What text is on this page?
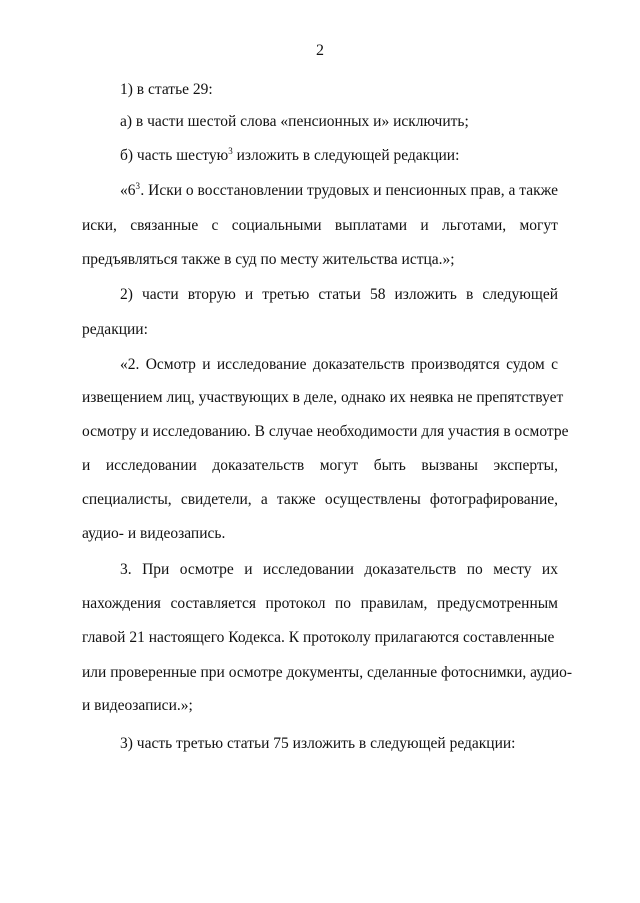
2
1) в статье 29:
а) в части шестой слова «пенсионных и» исключить;
б) часть шестую$^3$ изложить в следующей редакции:
«$6^3$ . Иски о восстановлении трудовых и пенсионных прав, а также
иски, связанные с социальными выплатами и льготами, могут
предъявляться также в суд по месту жительства истца.»;
2) части вторую и третью статьи 58 изложить в следующей
редакции:
«2. Осмотр и исследование доказательств производятся судом с
извещением лиц, участвующих в деле, однако их неявка не препятствует
осмотру и исследованию. В случае необходимости для участия в осмотре
и исследовании доказательств могут быть вызваны эксперты,
специалисты, свидетели, а также осуществлены фотографирование,
аудио- и видеозапись.
3. При осмотре и исследовании доказательств по месту их
нахождения составляется протокол по правилам, предусмотренным
главой 21 настоящего Кодекса. К протоколу прилагаются составленные
или проверенные при осмотре документы, сделанные фотоснимки, аудио-
и видеозаписи.»;
3) часть третью статьи 75 изложить в следующей редакции:
